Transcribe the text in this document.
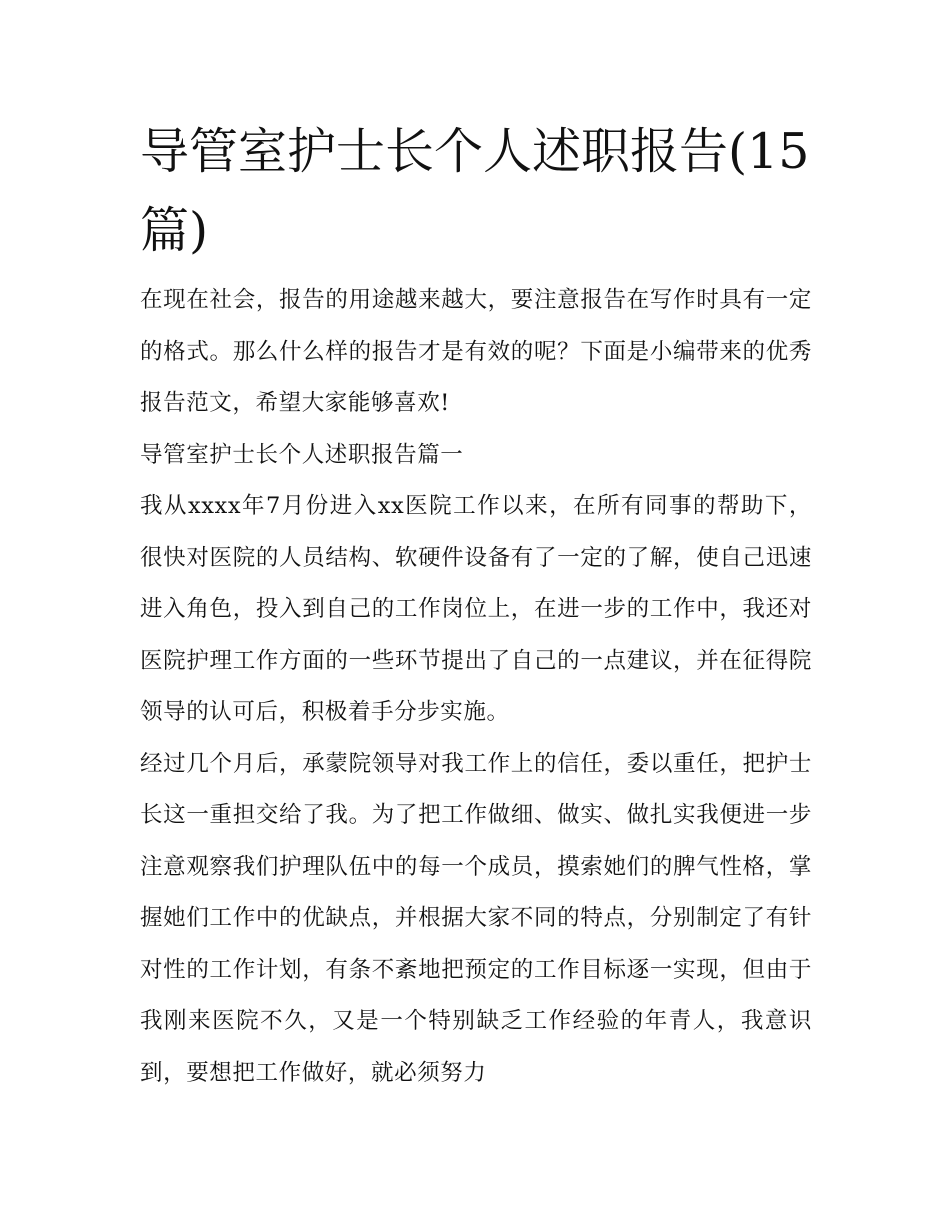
导管室护士长个人述职报告(15篇)

在现在社会，报告的用途越来越大，要注意报告在写作时具有一定的格式。那么什么样的报告才是有效的呢？下面是小编带来的优秀报告范文，希望大家能够喜欢!

导管室护士长个人述职报告篇一

我从xxxx年7月份进入xx医院工作以来，在所有同事的帮助下，很快对医院的人员结构、软硬件设备有了一定的了解，使自己迅速进入角色，投入到自己的工作岗位上，在进一步的工作中，我还对医院护理工作方面的一些环节提出了自己的一点建议，并在征得院领导的认可后，积极着手分步实施。

经过几个月后，承蒙院领导对我工作上的信任，委以重任，把护士长这一重担交给了我。为了把工作做细、做实、做扎实我便进一步注意观察我们护理队伍中的每一个成员，摸索她们的脾气性格，掌握她们工作中的优缺点，并根据大家不同的特点，分别制定了有针对性的工作计划，有条不紊地把预定的工作目标逐一实现，但由于我刚来医院不久，又是一个特别缺乏工作经验的年青人，我意识到，要想把工作做好，就必须努力
